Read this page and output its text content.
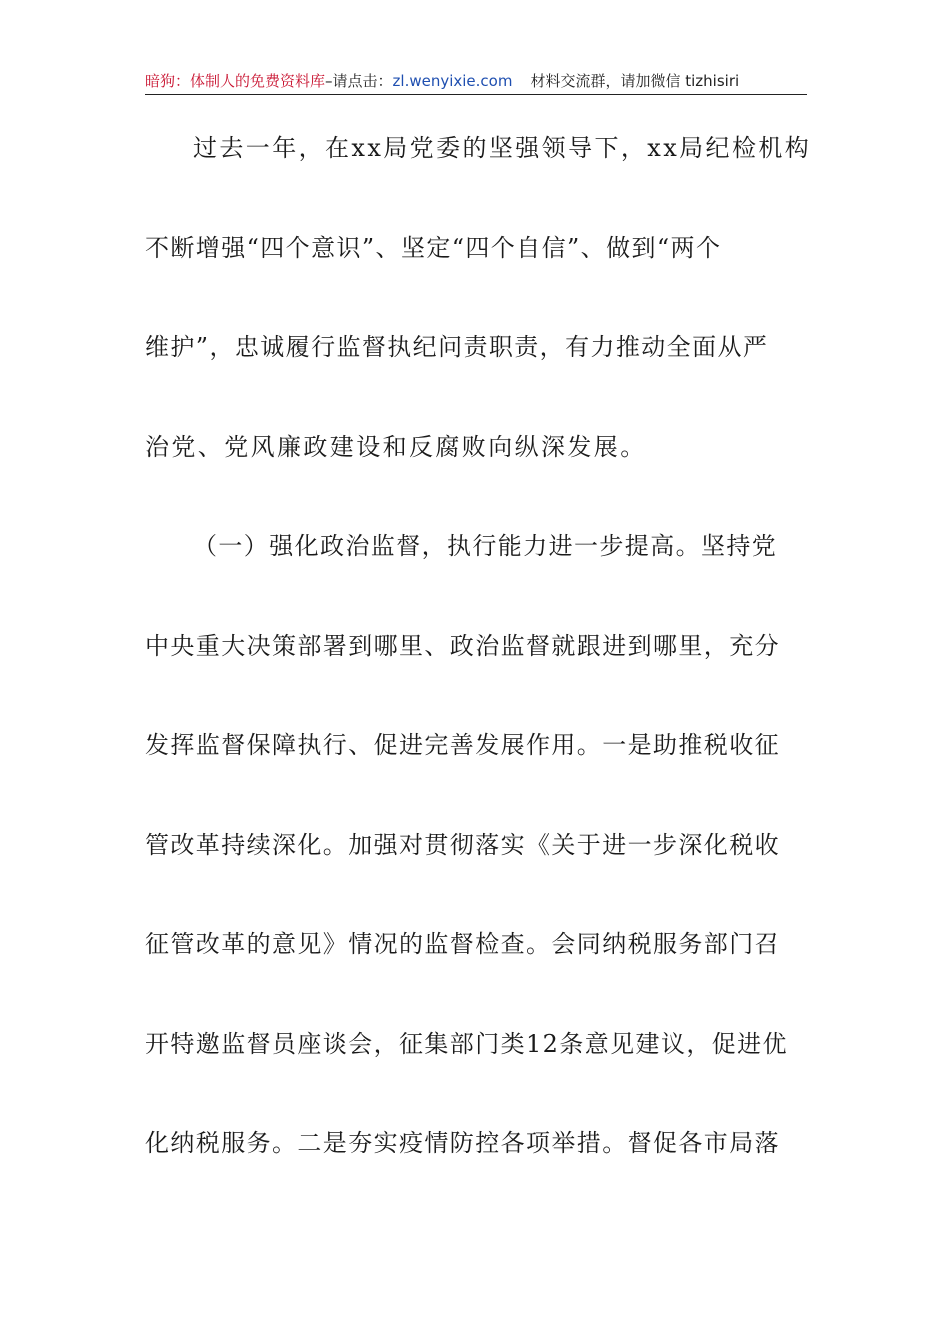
暗狗：体制人的免费资料库 –请点击： zl.wenyixie.com 材料交流群，请加微信 tizhisiri
过去一年，在xx局党委的坚强领导下，xx局纪检机构
不断增强“四个意识”、坚定“四个自信”、做到“两个
维护”，忠诚履行监督执纪问责职责，有力推动全面从严
治党、党风廉政建设和反腐败向纵深发展。
（一）强化政治监督，执行能力进一步提高。坚持党
中央重大决策部署到哪里、政治监督就跟进到哪里，充分
发挥监督保障执行、促进完善发展作用。一是助推税收征
管改革持续深化。加强对贯彻落实《关于进一步深化税收
征管改革的意见》情况的监督检查。会同纳税服务部门召
开特邀监督员座谈会，征集部门类12条意见建议，促进优
化纳税服务。二是夯实疫情防控各项举措。督促各市局落
